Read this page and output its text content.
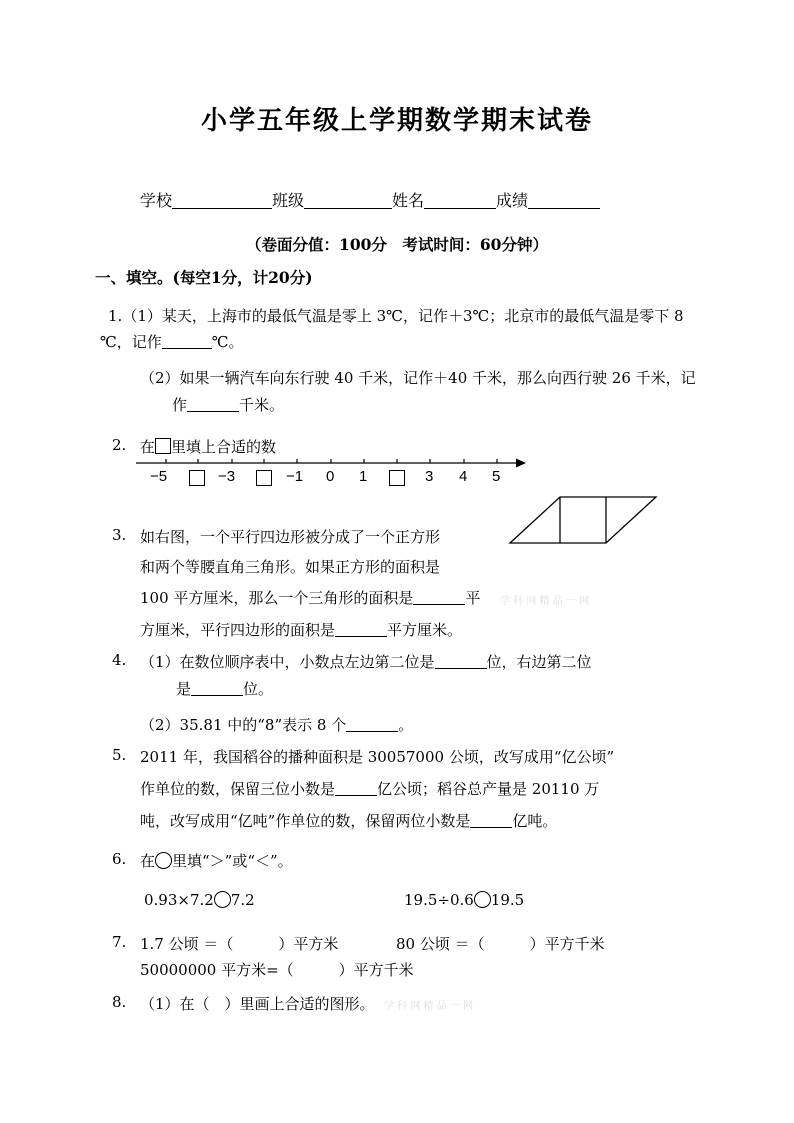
小学五年级上学期数学期末试卷
学校	班级	姓名	成绩
（卷面分值：100分　考试时间：60分钟）
一、填空。(每空1分，计20分)
1.（1）某天，上海市的最低气温是零上 3℃，记作＋3℃；北京市的最低气温是零下 8
℃，记作	℃。
（2）如果一辆汽车向东行驶 40 千米，记作＋40 千米，那么向西行驶 26 千米，记
作	千米。
2. 在 里填上合适的数
−5	−3	−1 0 1	3 4 5
3. 如右图，一个平行四边形被分成了一个正方形
和两个等腰直角三角形。如果正方形的面积是
100 平方厘米，那么一个三角形的面积是	平 学 科 网 精 品 一 网
方厘米，平行四边形的面积是	平方厘米。
4. （1）在数位顺序表中，小数点左边第二位是	位，右边第二位
是	位。
（2）35.81 中的“8”表示 8 个	。
5. 2011 年，我国稻谷的播种面积是 30057000 公顷，改写成用“亿公顷”
作单位的数，保留三位小数是	亿公顷；稻谷总产量是 20110 万
吨，改写成用“亿吨”作单位的数，保留两位小数是	亿吨。
6. 在 里填“＞”或“＜”。
0.93×7.2 7.2	19.5÷0.6 19.5
7. 1.7 公顷 ＝（　　　）平方米	80 公顷 ＝（　　　）平方千米
50000000 平方米=（　　　）平方千米
8. （1）在（　）里画上合适的图形。 学 科 网 精 品 一 网
